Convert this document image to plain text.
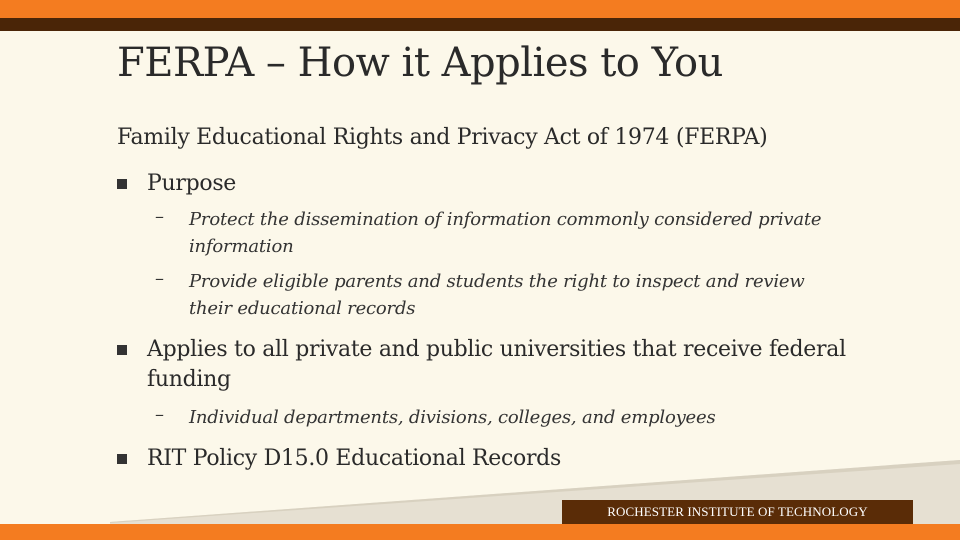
FERPA – How it Applies to You
Family Educational Rights and Privacy Act of 1974 (FERPA)
Purpose
– Protect the dissemination of information commonly considered private information
– Provide eligible parents and students the right to inspect and review their educational records
Applies to all private and public universities that receive federal funding
– Individual departments, divisions, colleges, and employees
RIT Policy D15.0 Educational Records
ROCHESTER INSTITUTE OF TECHNOLOGY
